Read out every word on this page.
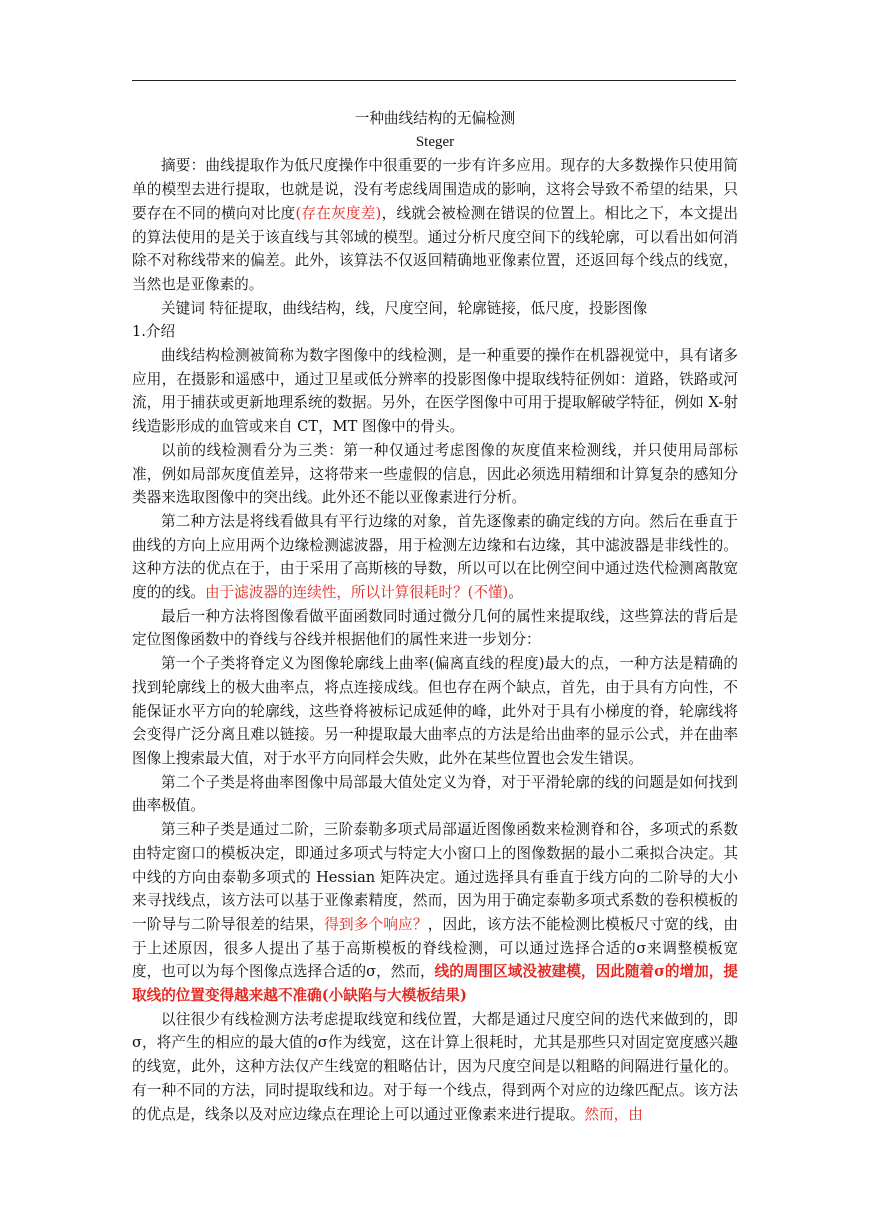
一种曲线结构的无偏检测

Steger

摘要：曲线提取作为低尺度操作中很重要的一步有许多应用。现存的大多数操作只使用简单的模型去进行提取，也就是说，没有考虑线周围造成的影响，这将会导致不希望的结果，只要存在不同的横向对比度(存在灰度差)，线就会被检测在错误的位置上。相比之下，本文提出的算法使用的是关于该直线与其邻域的模型。通过分析尺度空间下的线轮廓，可以看出如何消除不对称线带来的偏差。此外，该算法不仅返回精确地亚像素位置，还返回每个线点的线宽，当然也是亚像素的。

关键词 特征提取，曲线结构，线，尺度空间，轮廓链接，低尺度，投影图像

1.介绍

曲线结构检测被简称为数字图像中的线检测，是一种重要的操作在机器视觉中，具有诸多应用，在摄影和遥感中，通过卫星或低分辨率的投影图像中提取线特征例如：道路，铁路或河流，用于捕获或更新地理系统的数据。另外，在医学图像中可用于提取解破学特征，例如 X-射线造影形成的血管或来自 CT，MT 图像中的骨头。

以前的线检测看分为三类：第一种仅通过考虑图像的灰度值来检测线，并只使用局部标准，例如局部灰度值差异，这将带来一些虚假的信息，因此必须选用精细和计算复杂的感知分类器来选取图像中的突出线。此外还不能以亚像素进行分析。

第二种方法是将线看做具有平行边缘的对象，首先逐像素的确定线的方向。然后在垂直于曲线的方向上应用两个边缘检测滤波器，用于检测左边缘和右边缘，其中滤波器是非线性的。这种方法的优点在于，由于采用了高斯核的导数，所以可以在比例空间中通过迭代检测离散宽度的的线。由于滤波器的连续性，所以计算很耗时？(不懂)。

最后一种方法将图像看做平面函数同时通过微分几何的属性来提取线，这些算法的背后是定位图像函数中的脊线与谷线并根据他们的属性来进一步划分：

第一个子类将脊定义为图像轮廓线上曲率(偏离直线的程度)最大的点，一种方法是精确的找到轮廓线上的极大曲率点，将点连接成线。但也存在两个缺点，首先，由于具有方向性，不能保证水平方向的轮廓线，这些脊将被标记成延伸的峰，此外对于具有小梯度的脊，轮廓线将会变得广泛分离且难以链接。另一种提取最大曲率点的方法是给出曲率的显示公式，并在曲率图像上搜索最大值，对于水平方向同样会失败，此外在某些位置也会发生错误。

第二个子类是将曲率图像中局部最大值处定义为脊，对于平滑轮廓的线的问题是如何找到曲率极值。

第三种子类是通过二阶，三阶泰勒多项式局部逼近图像函数来检测脊和谷，多项式的系数由特定窗口的模板决定，即通过多项式与特定大小窗口上的图像数据的最小二乘拟合决定。其中线的方向由泰勒多项式的 Hessian 矩阵决定。通过选择具有垂直于线方向的二阶导的大小来寻找线点，该方法可以基于亚像素精度，然而，因为用于确定泰勒多项式系数的卷积模板的一阶导与二阶导很差的结果，得到多个响应？，因此，该方法不能检测比模板尺寸宽的线，由于上述原因，很多人提出了基于高斯模板的脊线检测，可以通过选择合适的σ来调整模板宽度，也可以为每个图像点选择合适的σ，然而，线的周围区域没被建模，因此随着σ的增加，提取线的位置变得越来越不准确(小缺陷与大模板结果)

以往很少有线检测方法考虑提取线宽和线位置，大都是通过尺度空间的迭代来做到的，即σ，将产生的相应的最大值的σ作为线宽，这在计算上很耗时，尤其是那些只对固定宽度感兴趣的线宽，此外，这种方法仅产生线宽的粗略估计，因为尺度空间是以粗略的间隔进行量化的。有一种不同的方法，同时提取线和边。对于每一个线点，得到两个对应的边缘匹配点。该方法的优点是，线条以及对应边缘点在理论上可以通过亚像素来进行提取。然而，由
